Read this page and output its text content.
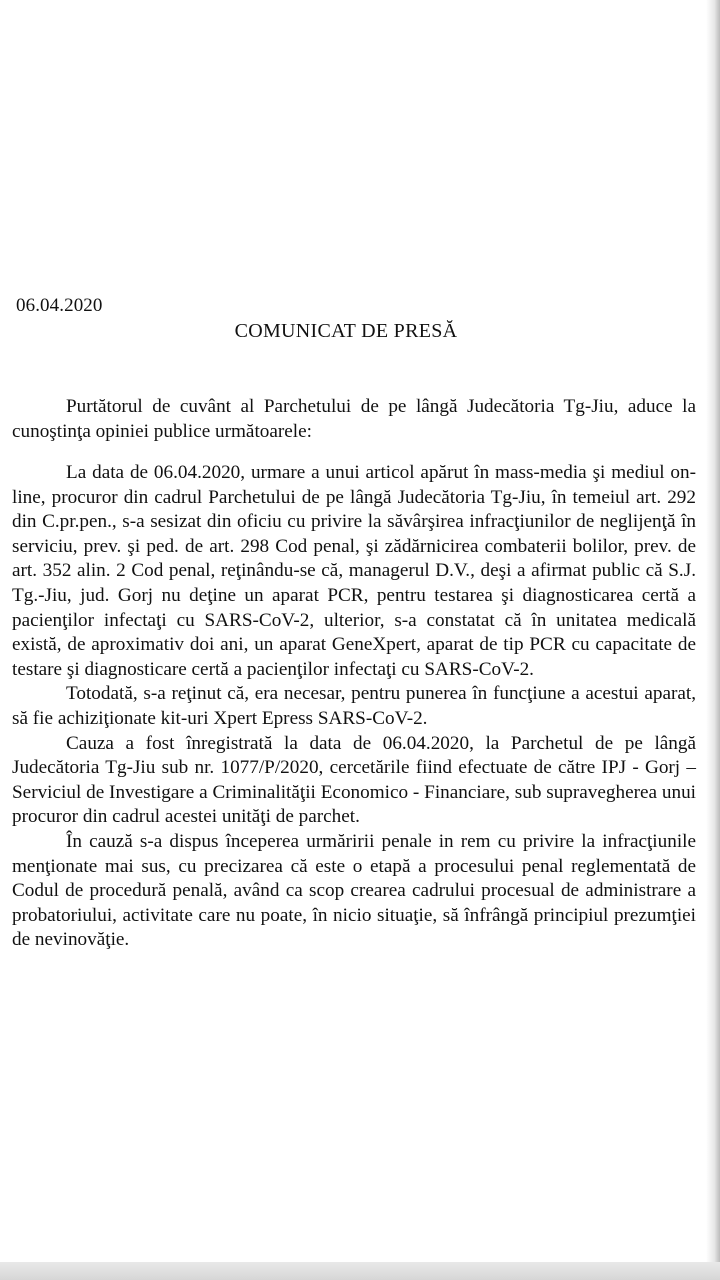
06.04.2020
COMUNICAT DE PRESĂ

Purtătorul de cuvânt al Parchetului de pe lângă Judecătoria Tg-Jiu, aduce la cunoştinţa opiniei publice următoarele:

La data de 06.04.2020, urmare a unui articol apărut în mass-media şi mediul on-line, procuror din cadrul Parchetului de pe lângă Judecătoria Tg-Jiu, în temeiul art. 292 din C.pr.pen., s-a sesizat din oficiu cu privire la săvârşirea infracţiunilor de neglijenţă în serviciu, prev. şi ped. de art. 298 Cod penal, şi zădărnicirea combaterii bolilor, prev. de art. 352 alin. 2 Cod penal, reţinându-se că, managerul D.V., deşi a afirmat public că S.J. Tg.-Jiu, jud. Gorj nu deţine un aparat PCR, pentru testarea şi diagnosticarea certă a pacienţilor infectaţi cu SARS-CoV-2, ulterior, s-a constatat că în unitatea medicală există, de aproximativ doi ani, un aparat GeneXpert, aparat de tip PCR cu capacitate de testare şi diagnosticare certă a pacienţilor infectaţi cu SARS-CoV-2.

Totodată, s-a reţinut că, era necesar, pentru punerea în funcţiune a acestui aparat, să fie achiziţionate kit-uri Xpert Epress SARS-CoV-2.

Cauza a fost înregistrată la data de 06.04.2020, la Parchetul de pe lângă Judecătoria Tg-Jiu sub nr. 1077/P/2020, cercetările fiind efectuate de către IPJ - Gorj – Serviciul de Investigare a Criminalităţii Economico - Financiare, sub supravegherea unui procuror din cadrul acestei unităţi de parchet.

În cauză s-a dispus începerea urmăririi penale in rem cu privire la infracţiunile menţionate mai sus, cu precizarea că este o etapă a procesului penal reglementată de Codul de procedură penală, având ca scop crearea cadrului procesual de administrare a probatoriului, activitate care nu poate, în nicio situaţie, să înfrângă principiul prezumţiei de nevinovăţie.
